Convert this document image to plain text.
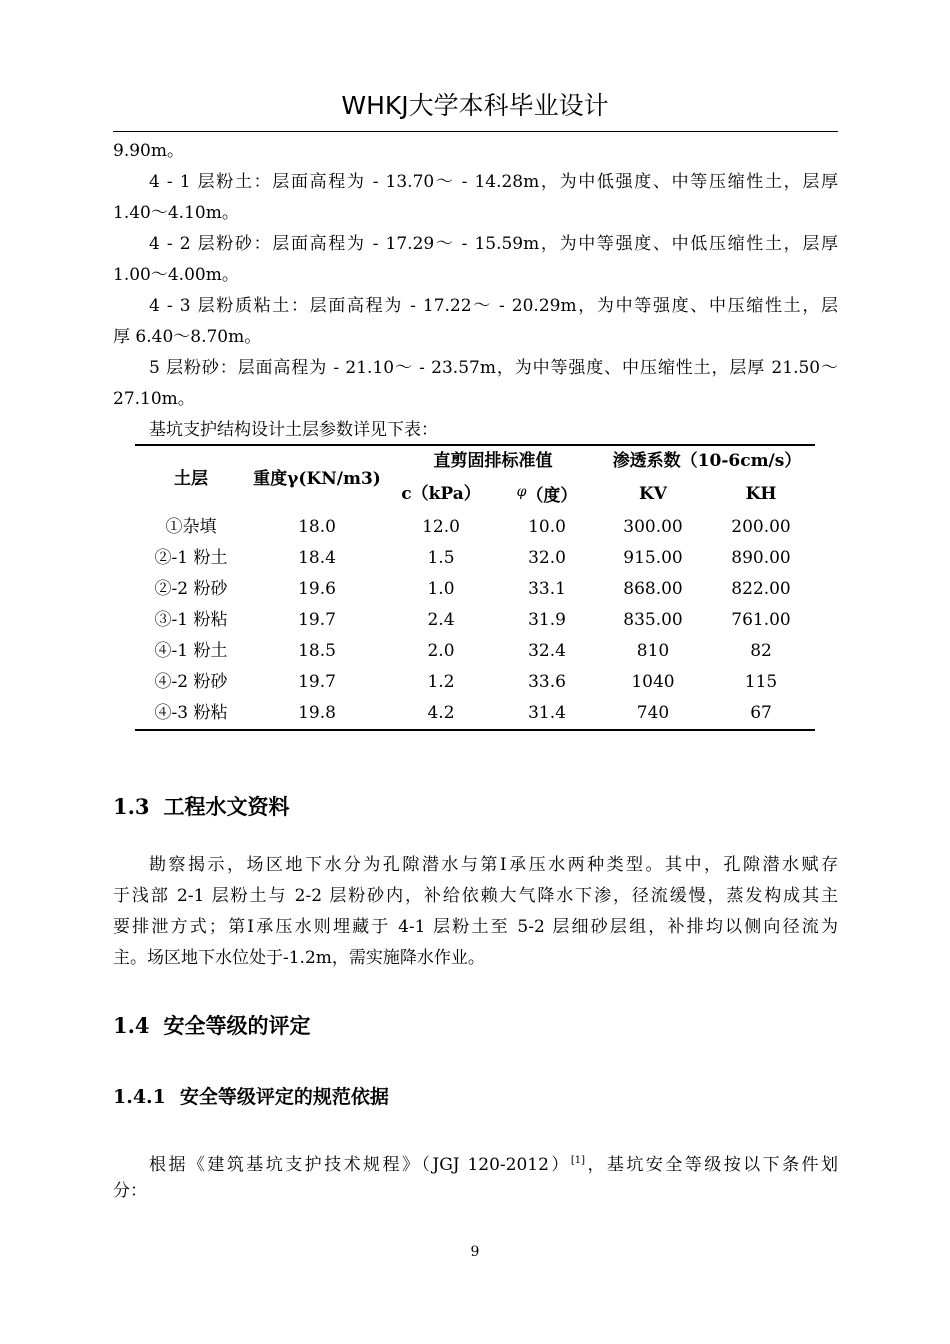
WHKJ大学本科毕业设计
9.90m。
4 - 1 层粉土：层面高程为 - 13.70～ - 14.28m，为中低强度、中等压缩性土，层厚
1.40～4.10m。
4 - 2 层粉砂：层面高程为 - 17.29～ - 15.59m，为中等强度、中低压缩性土，层厚
1.00～4.00m。
4 - 3 层粉质粘土：层面高程为 - 17.22～ - 20.29m，为中等强度、中压缩性土，层
厚 6.40～8.70m。
5 层粉砂：层面高程为 - 21.10～ - 23.57m，为中等强度、中压缩性土，层厚 21.50～
27.10m。
基坑支护结构设计土层参数详见下表：
土层	重度γ(KN/m3)	直剪固排标准值		渗透系数（10-6cm/s）	
		c（kPa）	$^\varphi$（度）	KV	KH
①杂填	18.0	12.0	10.0	300.00	200.00
②-1 粉土	18.4	1.5	32.0	915.00	890.00
②-2 粉砂	19.6	1.0	33.1	868.00	822.00
③-1 粉粘	19.7	2.4	31.9	835.00	761.00
④-1 粉土	18.5	2.0	32.4	810	82
④-2 粉砂	19.7	1.2	33.6	1040	115
④-3 粉粘	19.8	4.2	31.4	740	67
1.3 工程水文资料
勘察揭示，场区地下水分为孔隙潜水与第Ⅰ承压水两种类型。其中，孔隙潜水赋存
于浅部 2-1 层粉土与 2-2 层粉砂内，补给依赖大气降水下渗，径流缓慢，蒸发构成其主
要排泄方式；第Ⅰ承压水则埋藏于 4-1 层粉土至 5-2 层细砂层组，补排均以侧向径流为
主。场区地下水位处于-1.2m，需实施降水作业。
1.4 安全等级的评定
1.4.1 安全等级评定的规范依据
根据《建筑基坑支护技术规程》（JGJ 120-2012）[1]，基坑安全等级按以下条件划
分：
9
